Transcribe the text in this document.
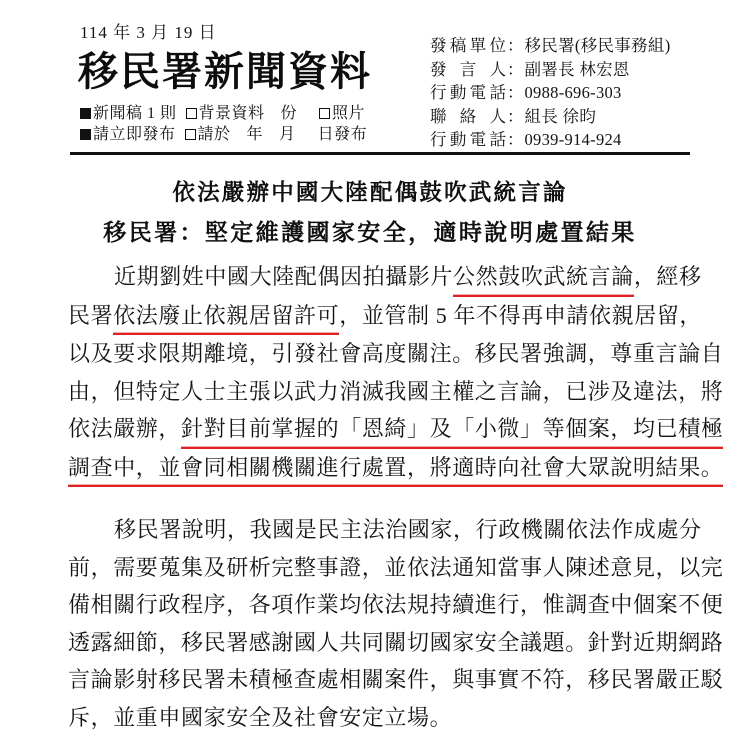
114 年 3 月 19 日
移民署新聞資料
新聞稿 1 則 背景資料 份 照片
請立即發布 請於 年 月 日發布
發稿單位：移民署(移民事務組)
發言人：副署長 林宏恩
行動電話：0988-696-303
聯絡人：組長 徐昀
行動電話：0939-914-924
依法嚴辦中國大陸配偶鼓吹武統言論
移民署：堅定維護國家安全，適時說明處置結果
近期劉姓中國大陸配偶因拍攝影片公然鼓吹武統言論，經移
民署依法廢止依親居留許可，並管制 5 年不得再申請依親居留，
以及要求限期離境，引發社會高度關注。移民署強調，尊重言論自
由，但特定人士主張以武力消滅我國主權之言論，已涉及違法，將
依法嚴辦，針對目前掌握的「恩綺」及「小微」等個案，均已積極
調查中，並會同相關機關進行處置，將適時向社會大眾說明結果。
移民署說明，我國是民主法治國家，行政機關依法作成處分
前，需要蒐集及研析完整事證，並依法通知當事人陳述意見，以完
備相關行政程序，各項作業均依法規持續進行，惟調查中個案不便
透露細節，移民署感謝國人共同關切國家安全議題。針對近期網路
言論影射移民署未積極查處相關案件，與事實不符，移民署嚴正駁
斥，並重申國家安全及社會安定立場。
